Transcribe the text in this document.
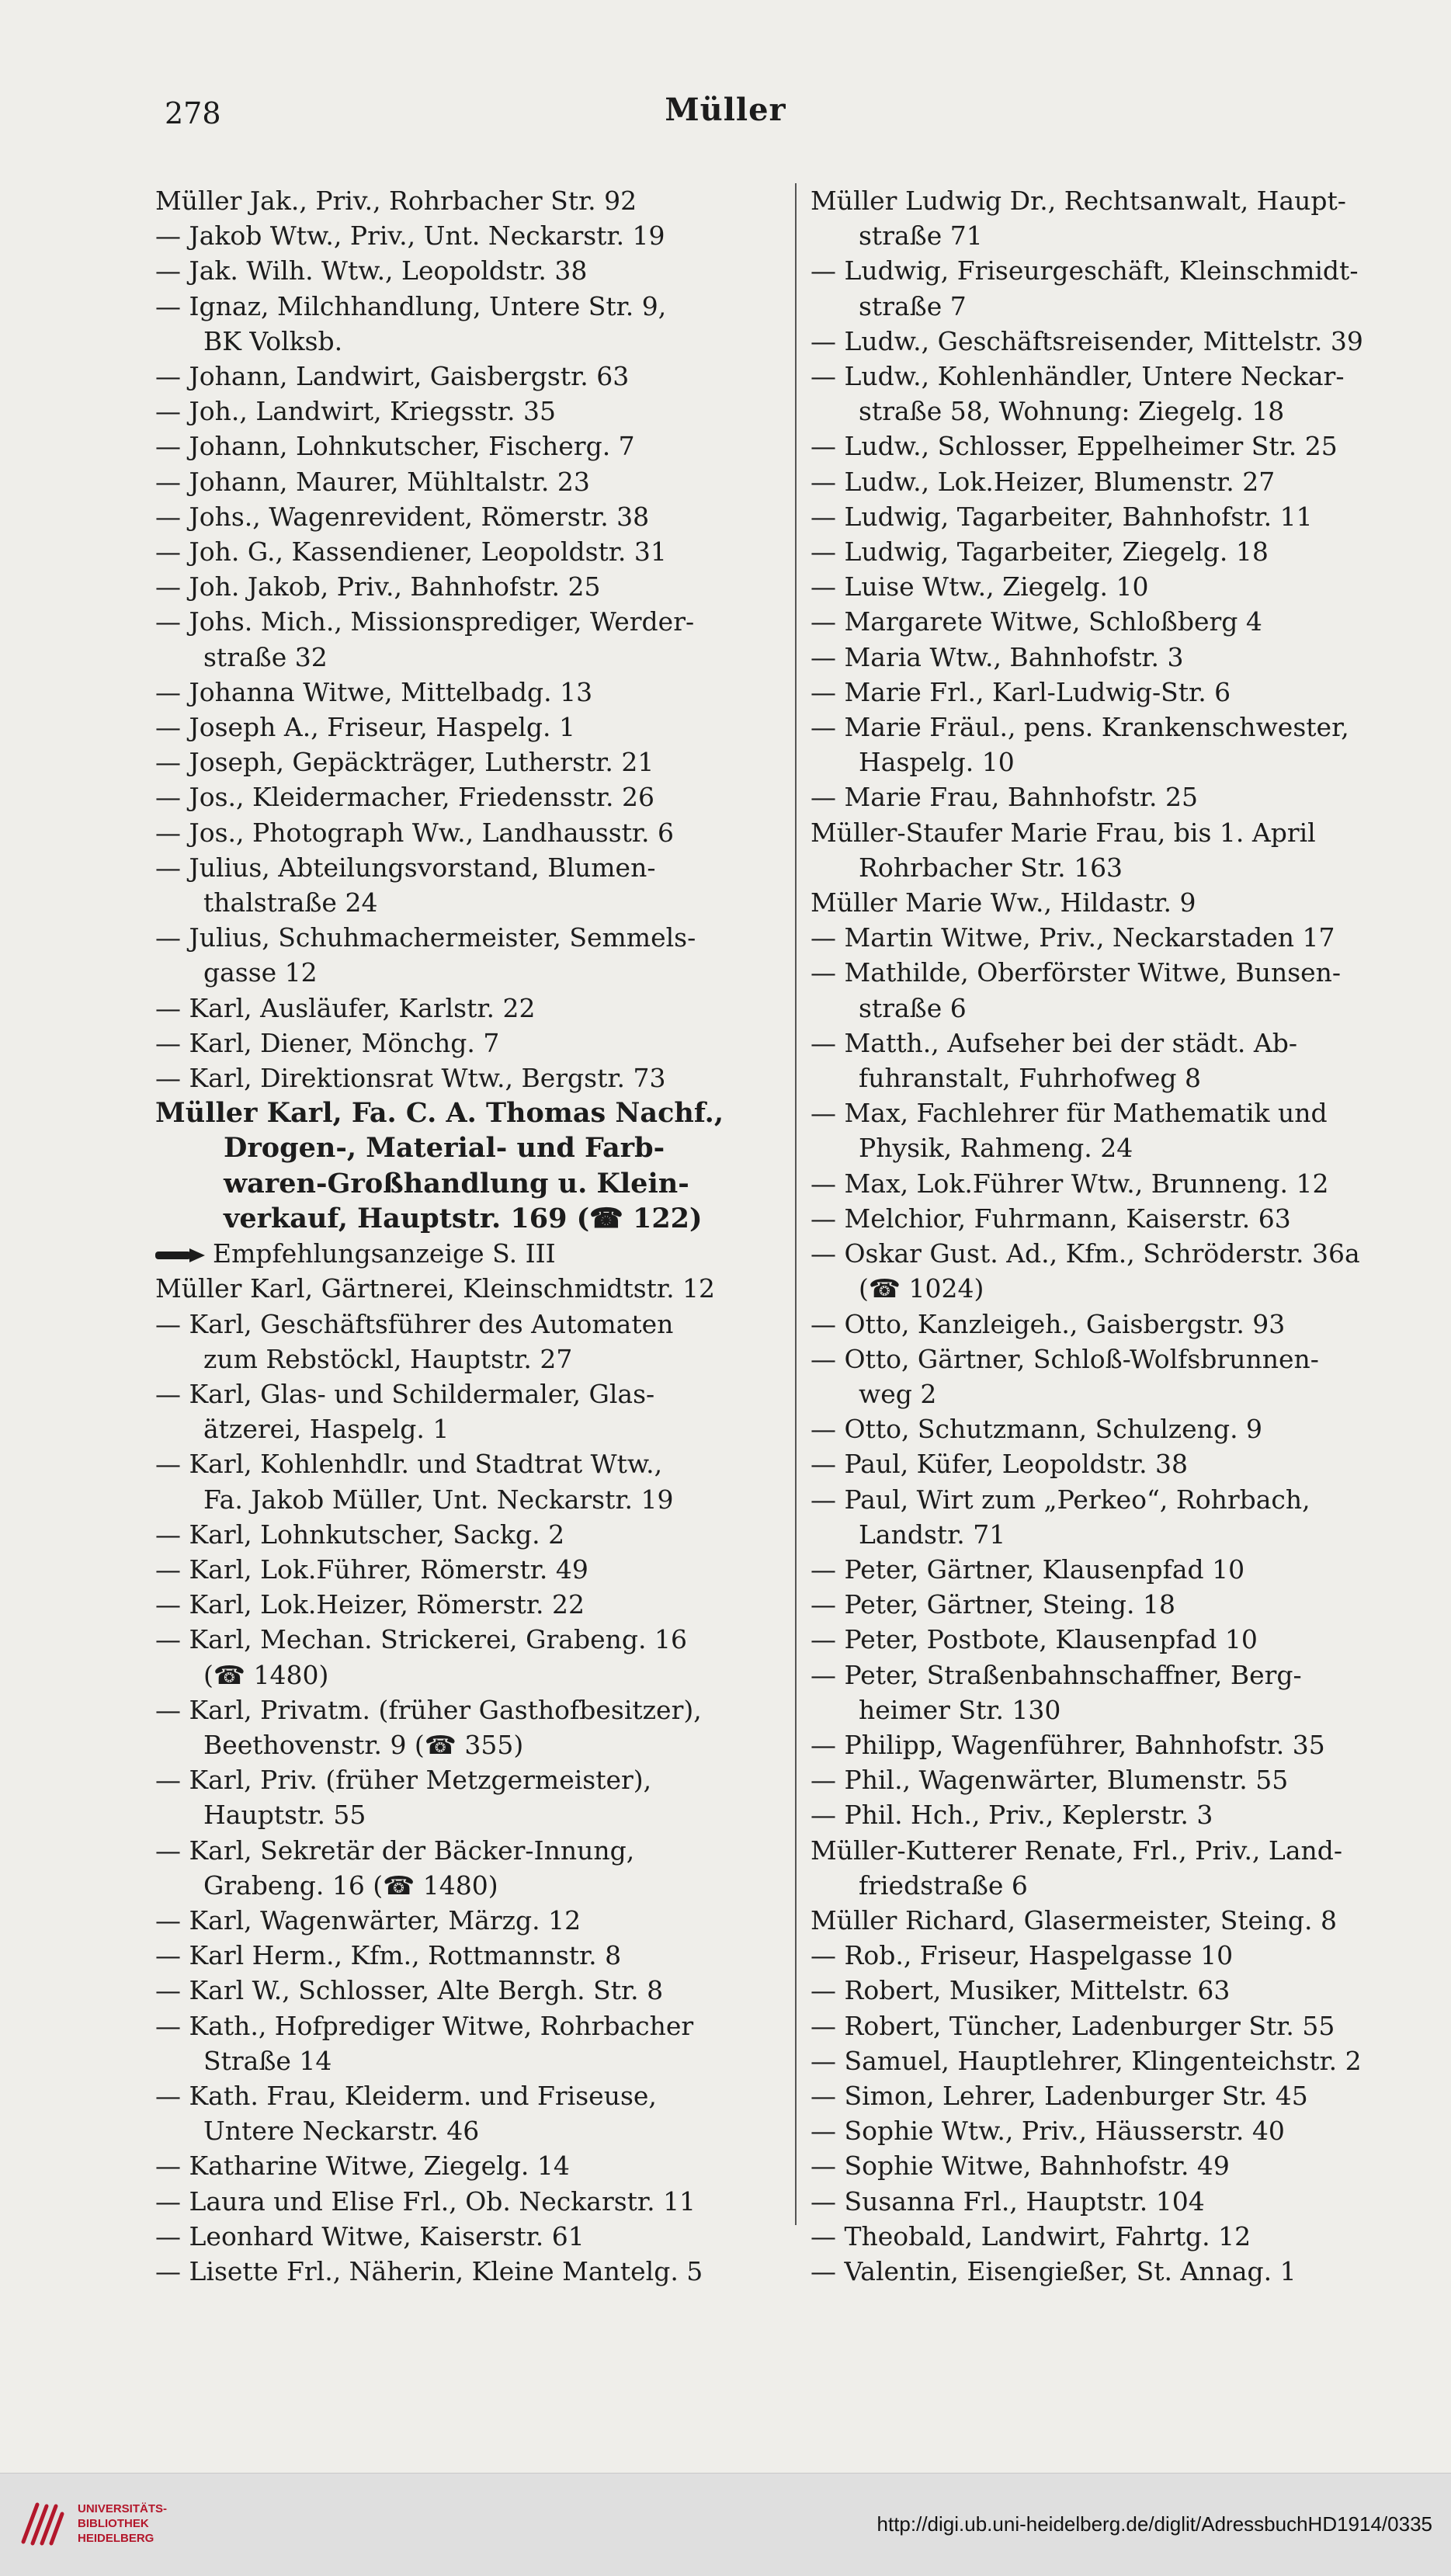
278	Müller
Müller Jak., Priv., Rohrbacher Str. 92
— Jakob Wtw., Priv., Unt. Neckarstr. 19
— Jak. Wilh. Wtw., Leopoldstr. 38
— Ignaz, Milchhandlung, Untere Str. 9,
BK Volksb.
— Johann, Landwirt, Gaisbergstr. 63
— Joh., Landwirt, Kriegsstr. 35
— Johann, Lohnkutscher, Fischerg. 7
— Johann, Maurer, Mühltalstr. 23
— Johs., Wagenrevident, Römerstr. 38
— Joh. G., Kassendiener, Leopoldstr. 31
— Joh. Jakob, Priv., Bahnhofstr. 25
— Johs. Mich., Missionsprediger, Werder-
straße 32
— Johanna Witwe, Mittelbadg. 13
— Joseph A., Friseur, Haspelg. 1
— Joseph, Gepäckträger, Lutherstr. 21
— Jos., Kleidermacher, Friedensstr. 26
— Jos., Photograph Ww., Landhausstr. 6
— Julius, Abteilungsvorstand, Blumen-
thalstraße 24
— Julius, Schuhmachermeister, Semmels-
gasse 12
— Karl, Ausläufer, Karlstr. 22
— Karl, Diener, Mönchg. 7
— Karl, Direktionsrat Wtw., Bergstr. 73
Müller Karl, Fa. C. A. Thomas Nachf.,
Drogen-, Material- und Farb-
waren-Großhandlung u. Klein-
verkauf, Hauptstr. 169 (☎ 122)
Empfehlungsanzeige S. III
Müller Karl, Gärtnerei, Kleinschmidtstr. 12
— Karl, Geschäftsführer des Automaten
zum Rebstöckl, Hauptstr. 27
— Karl, Glas- und Schildermaler, Glas-
ätzerei, Haspelg. 1
— Karl, Kohlenhdlr. und Stadtrat Wtw.,
Fa. Jakob Müller, Unt. Neckarstr. 19
— Karl, Lohnkutscher, Sackg. 2
— Karl, Lok.Führer, Römerstr. 49
— Karl, Lok.Heizer, Römerstr. 22
— Karl, Mechan. Strickerei, Grabeng. 16
(☎ 1480)
— Karl, Privatm. (früher Gasthofbesitzer),
Beethovenstr. 9 (☎ 355)
— Karl, Priv. (früher Metzgermeister),
Hauptstr. 55
— Karl, Sekretär der Bäcker-Innung,
Grabeng. 16 (☎ 1480)
— Karl, Wagenwärter, Märzg. 12
— Karl Herm., Kfm., Rottmannstr. 8
— Karl W., Schlosser, Alte Bergh. Str. 8
— Kath., Hofprediger Witwe, Rohrbacher
Straße 14
— Kath. Frau, Kleiderm. und Friseuse,
Untere Neckarstr. 46
— Katharine Witwe, Ziegelg. 14
— Laura und Elise Frl., Ob. Neckarstr. 11
— Leonhard Witwe, Kaiserstr. 61
— Lisette Frl., Näherin, Kleine Mantelg. 5
Müller Ludwig Dr., Rechtsanwalt, Haupt-
straße 71
— Ludwig, Friseurgeschäft, Kleinschmidt-
straße 7
— Ludw., Geschäftsreisender, Mittelstr. 39
— Ludw., Kohlenhändler, Untere Neckar-
straße 58, Wohnung: Ziegelg. 18
— Ludw., Schlosser, Eppelheimer Str. 25
— Ludw., Lok.Heizer, Blumenstr. 27
— Ludwig, Tagarbeiter, Bahnhofstr. 11
— Ludwig, Tagarbeiter, Ziegelg. 18
— Luise Wtw., Ziegelg. 10
— Margarete Witwe, Schloßberg 4
— Maria Wtw., Bahnhofstr. 3
— Marie Frl., Karl-Ludwig-Str. 6
— Marie Fräul., pens. Krankenschwester,
Haspelg. 10
— Marie Frau, Bahnhofstr. 25
Müller-Staufer Marie Frau, bis 1. April
Rohrbacher Str. 163
Müller Marie Ww., Hildastr. 9
— Martin Witwe, Priv., Neckarstaden 17
— Mathilde, Oberförster Witwe, Bunsen-
straße 6
— Matth., Aufseher bei der städt. Ab-
fuhranstalt, Fuhrhofweg 8
— Max, Fachlehrer für Mathematik und
Physik, Rahmeng. 24
— Max, Lok.Führer Wtw., Brunneng. 12
— Melchior, Fuhrmann, Kaiserstr. 63
— Oskar Gust. Ad., Kfm., Schröderstr. 36a
(☎ 1024)
— Otto, Kanzleigeh., Gaisbergstr. 93
— Otto, Gärtner, Schloß-Wolfsbrunnen-
weg 2
— Otto, Schutzmann, Schulzeng. 9
— Paul, Küfer, Leopoldstr. 38
— Paul, Wirt zum „Perkeo“, Rohrbach,
Landstr. 71
— Peter, Gärtner, Klausenpfad 10
— Peter, Gärtner, Steing. 18
— Peter, Postbote, Klausenpfad 10
— Peter, Straßenbahnschaffner, Berg-
heimer Str. 130
— Philipp, Wagenführer, Bahnhofstr. 35
— Phil., Wagenwärter, Blumenstr. 55
— Phil. Hch., Priv., Keplerstr. 3
Müller-Kutterer Renate, Frl., Priv., Land-
friedstraße 6
Müller Richard, Glasermeister, Steing. 8
— Rob., Friseur, Haspelgasse 10
— Robert, Musiker, Mittelstr. 63
— Robert, Tüncher, Ladenburger Str. 55
— Samuel, Hauptlehrer, Klingenteichstr. 2
— Simon, Lehrer, Ladenburger Str. 45
— Sophie Wtw., Priv., Häusserstr. 40
— Sophie Witwe, Bahnhofstr. 49
— Susanna Frl., Hauptstr. 104
— Theobald, Landwirt, Fahrtg. 12
— Valentin, Eisengießer, St. Annag. 1
UNIVERSITÄTS-
BIBLIOTHEK
HEIDELBERG
http://digi.ub.uni-heidelberg.de/diglit/AdressbuchHD1914/0335
